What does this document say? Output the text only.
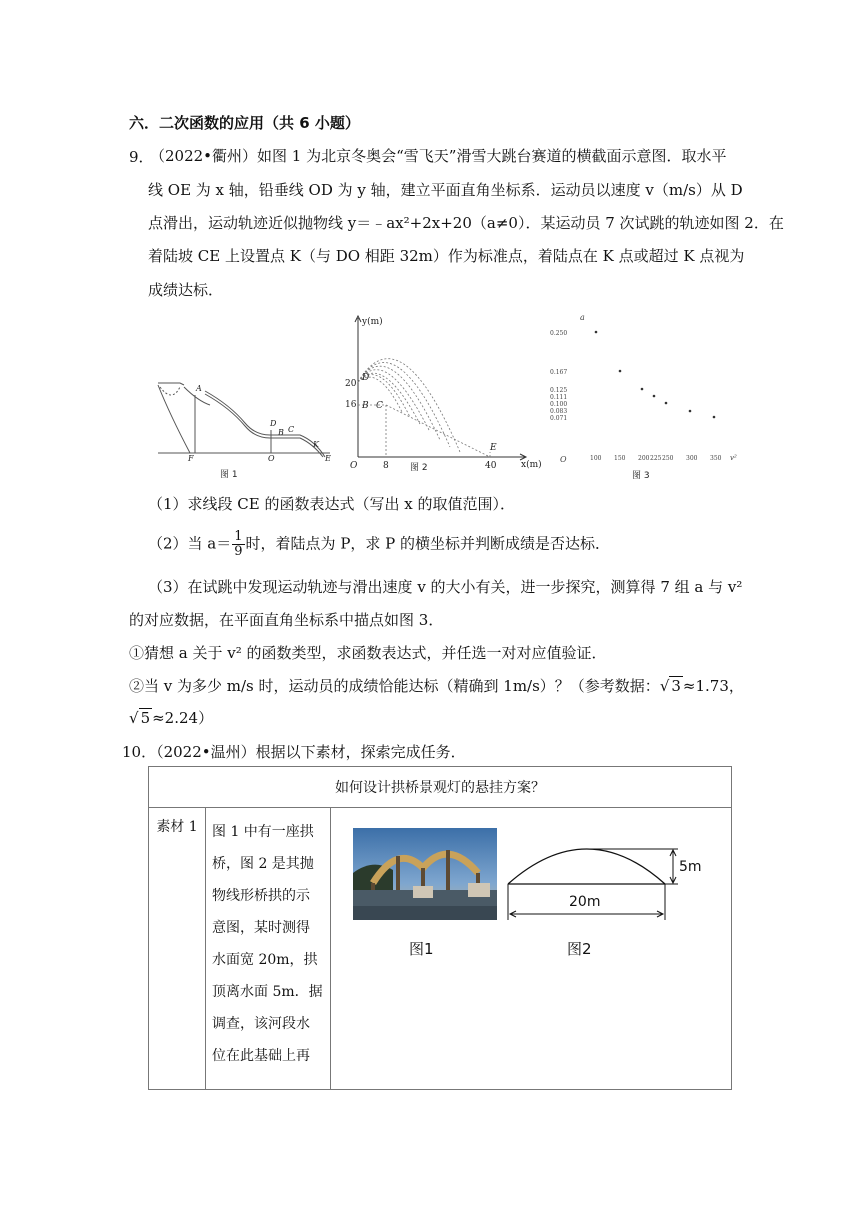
六．二次函数的应用（共 6 小题）
9．
（2022•衢州）如图 1 为北京冬奥会“雪飞天”滑雪大跳台赛道的横截面示意图．取水平
线 OE 为 x 轴，铅垂线 OD 为 y 轴，建立平面直角坐标系．运动员以速度 v（m/s）从 D
点滑出，运动轨迹近似抛物线 y＝﹣ax²+2x+20（a≠0）．某运动员 7 次试跳的轨迹如图 2．在
着陆坡 CE 上设置点 K（与 DO 相距 32m）作为标准点，着陆点在 K 点或超过 K 点视为
成绩达标．
A
F
D
B C
O
K
E
图 1
y(m)
x(m)
20
16
O	8	40
D
B C
E
图 2
a
0.250
0.167
0.125
0.111
0.100
0.083
0.071
O	100 150 200 225 250 300 350 v²
图 3
（1）求线段 CE 的函数表达式（写出 x 的取值范围）．
（2）当 $a= \frac{1}{9}$ 时，着陆点为 P，求 P 的横坐标并判断成绩是否达标．
（3）在试跳中发现运动轨迹与滑出速度 v 的大小有关，进一步探究，测算得 7 组 a 与 v²
的对应数据，在平面直角坐标系中描点如图 3．
①猜想 a 关于 v² 的函数类型，求函数表达式，并任选一对对应值验证．
②当 v 为多少 m/s 时，运动员的成绩恰能达标（精确到 1m/s）？（参考数据：√ 3 ≈1.73，
√ 5 ≈2.24）
10．（2022•温州）根据以下素材，探索完成任务．
如何设计拱桥景观灯的悬挂方案？
素材 1	图 1 中有一座拱
桥，图 2 是其抛
物线形桥拱的示
意图，某时测得
水面宽 20m，拱
顶离水面 5m．据
调查，该河段水
位在此基础上再

5m
20m
图1	图2
